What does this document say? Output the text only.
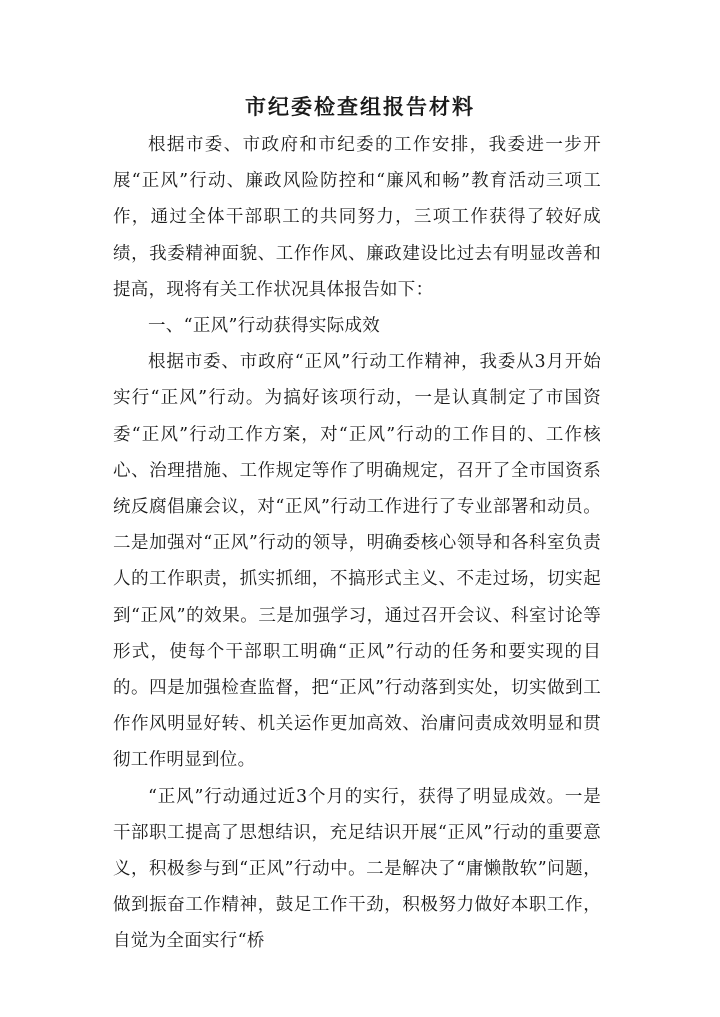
市纪委检查组报告材料

根据市委、市政府和市纪委的工作安排，我委进一步开展“正风”行动、廉政风险防控和“廉风和畅”教育活动三项工作，通过全体干部职工的共同努力，三项工作获得了较好成绩，我委精神面貌、工作作风、廉政建设比过去有明显改善和提高，现将有关工作状况具体报告如下：

一、“正风”行动获得实际成效

根据市委、市政府“正风”行动工作精神，我委从3月开始实行“正风”行动。为搞好该项行动，一是认真制定了市国资委“正风”行动工作方案，对“正风”行动的工作目的、工作核心、治理措施、工作规定等作了明确规定，召开了全市国资系统反腐倡廉会议，对“正风”行动工作进行了专业部署和动员。二是加强对“正风”行动的领导，明确委核心领导和各科室负责人的工作职责，抓实抓细，不搞形式主义、不走过场，切实起到“正风”的效果。三是加强学习，通过召开会议、科室讨论等形式，使每个干部职工明确“正风”行动的任务和要实现的目的。四是加强检查监督，把“正风”行动落到实处，切实做到工作作风明显好转、机关运作更加高效、治庸问责成效明显和贯彻工作明显到位。

“正风”行动通过近3个月的实行，获得了明显成效。一是干部职工提高了思想结识，充足结识开展“正风”行动的重要意义，积极参与到“正风”行动中。二是解决了“庸懒散软”问题，做到振奋工作精神，鼓足工作干劲，积极努力做好本职工作，自觉为全面实行“桥
